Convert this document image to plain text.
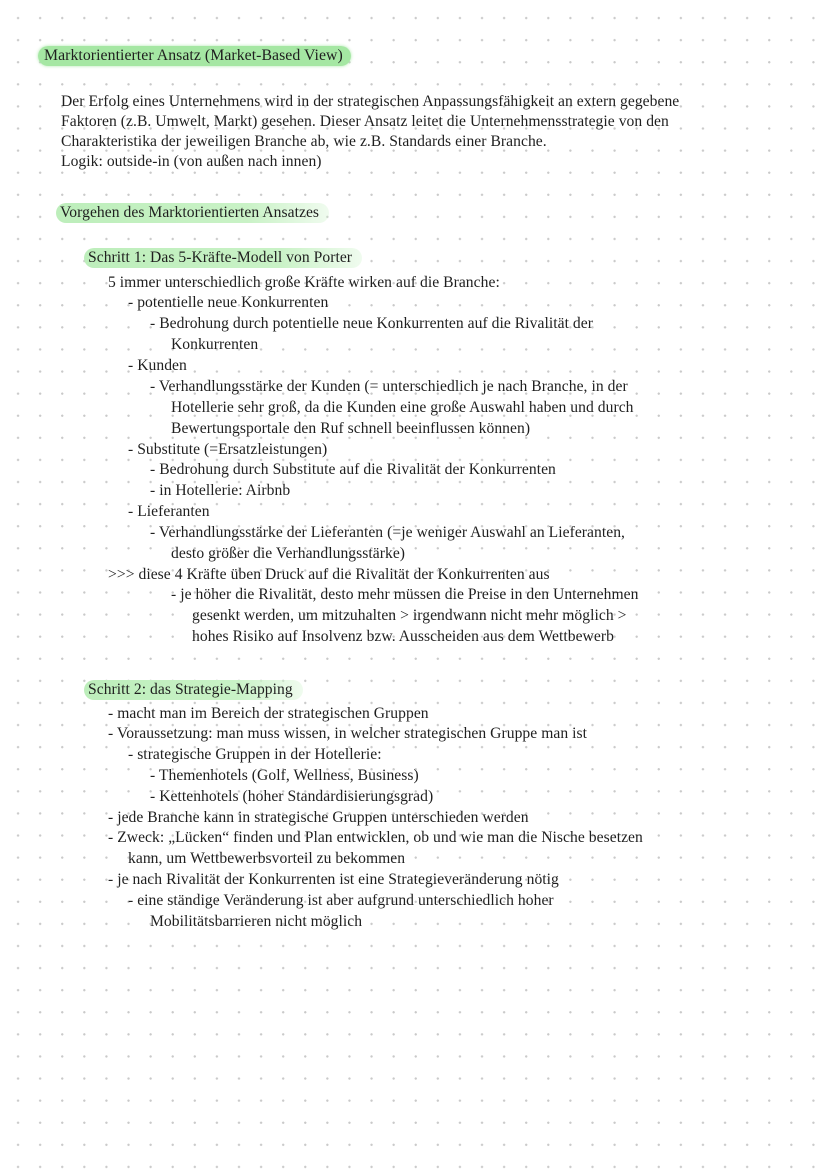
Marktorientierter Ansatz (Market-Based View)
Der Erfolg eines Unternehmens wird in der strategischen Anpassungsfähigkeit an extern gegebene
Faktoren (z.B. Umwelt, Markt) gesehen. Dieser Ansatz leitet die Unternehmensstrategie von den
Charakteristika der jeweiligen Branche ab, wie z.B. Standards einer Branche.
Logik: outside-in (von außen nach innen)
Vorgehen des Marktorientierten Ansatzes
Schritt 1: Das 5-Kräfte-Modell von Porter
5 immer unterschiedlich große Kräfte wirken auf die Branche:
- potentielle neue Konkurrenten
- Bedrohung durch potentielle neue Konkurrenten auf die Rivalität der
Konkurrenten
- Kunden
- Verhandlungsstärke der Kunden (= unterschiedlich je nach Branche, in der
Hotellerie sehr groß, da die Kunden eine große Auswahl haben und durch
Bewertungsportale den Ruf schnell beeinflussen können)
- Substitute (=Ersatzleistungen)
- Bedrohung durch Substitute auf die Rivalität der Konkurrenten
- in Hotellerie: Airbnb
- Lieferanten
- Verhandlungsstärke der Lieferanten (=je weniger Auswahl an Lieferanten,
desto größer die Verhandlungsstärke)
>>> diese 4 Kräfte üben Druck auf die Rivalität der Konkurrenten aus
- je höher die Rivalität, desto mehr müssen die Preise in den Unternehmen
gesenkt werden, um mitzuhalten > irgendwann nicht mehr möglich >
hohes Risiko auf Insolvenz bzw. Ausscheiden aus dem Wettbewerb
Schritt 2: das Strategie-Mapping
- macht man im Bereich der strategischen Gruppen
- Voraussetzung: man muss wissen, in welcher strategischen Gruppe man ist
- strategische Gruppen in der Hotellerie:
- Themenhotels (Golf, Wellness, Business)
- Kettenhotels (hoher Standardisierungsgrad)
- jede Branche kann in strategische Gruppen unterschieden werden
- Zweck: „Lücken“ finden und Plan entwicklen, ob und wie man die Nische besetzen
kann, um Wettbewerbsvorteil zu bekommen
- je nach Rivalität der Konkurrenten ist eine Strategieveränderung nötig
- eine ständige Veränderung ist aber aufgrund unterschiedlich hoher
Mobilitätsbarrieren nicht möglich
